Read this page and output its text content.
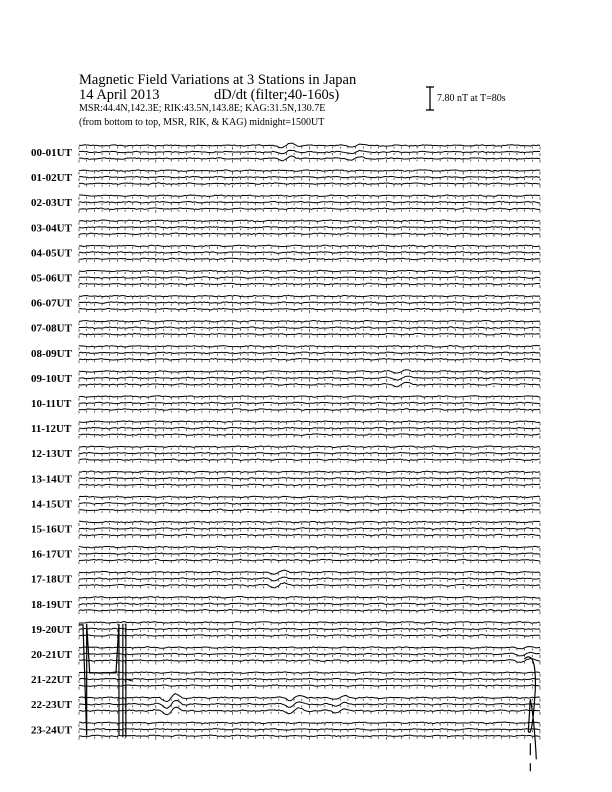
Magnetic Field Variations at 3 Stations in Japan
14 April 2013	dD/dt (filter;40-160s)
MSR:44.4N,142.3E; RIK:43.5N,143.8E; KAG:31.5N,130.7E
(from bottom to top, MSR, RIK, & KAG) midnight=1500UT
7.80 nT at T=80s
00-01UT
01-02UT
02-03UT
03-04UT
04-05UT
05-06UT
06-07UT
07-08UT
08-09UT
09-10UT
10-11UT
11-12UT
12-13UT
13-14UT
14-15UT
15-16UT
16-17UT
17-18UT
18-19UT
19-20UT
20-21UT
21-22UT
22-23UT
23-24UT
